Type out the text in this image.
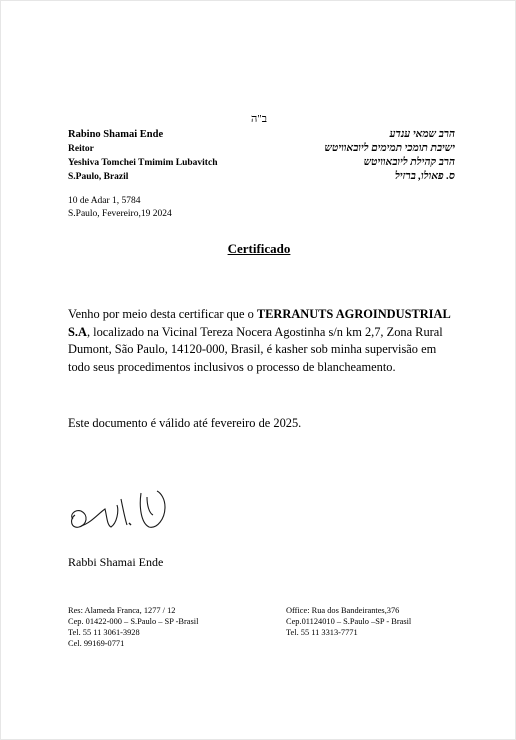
ב"ה
Rabino Shamai Ende
Reitor
Yeshiva Tomchei Tmimim Lubavitch
S.Paulo, Brazil
הרב שמאי ענדע
ישיבת תומכי תמימים ליובאוויטש
הרב קהילת ליובאוויטש
ס. פאולו, ברזיל
10 de Adar 1, 5784
S.Paulo, Fevereiro,19 2024
Certificado
Venho por meio desta certificar que o TERRANUTS AGROINDUSTRIAL S.A, localizado na Vicinal Tereza Nocera Agostinha s/n km 2,7, Zona Rural Dumont, São Paulo, 14120-000, Brasil, é kasher sob minha supervisão em todo seus procedimentos inclusivos o processo de blancheamento.
Este documento é válido até fevereiro de 2025.
Rabbi Shamai Ende
Res: Alameda Franca, 1277 / 12
Cep. 01422-000 – S.Paulo – SP -Brasil
Tel. 55 11 3061-3928
Cel. 99169-0771
Office: Rua dos Bandeirantes,376
Cep.01124010 – S.Paulo –SP - Brasil
Tel. 55 11 3313-7771
